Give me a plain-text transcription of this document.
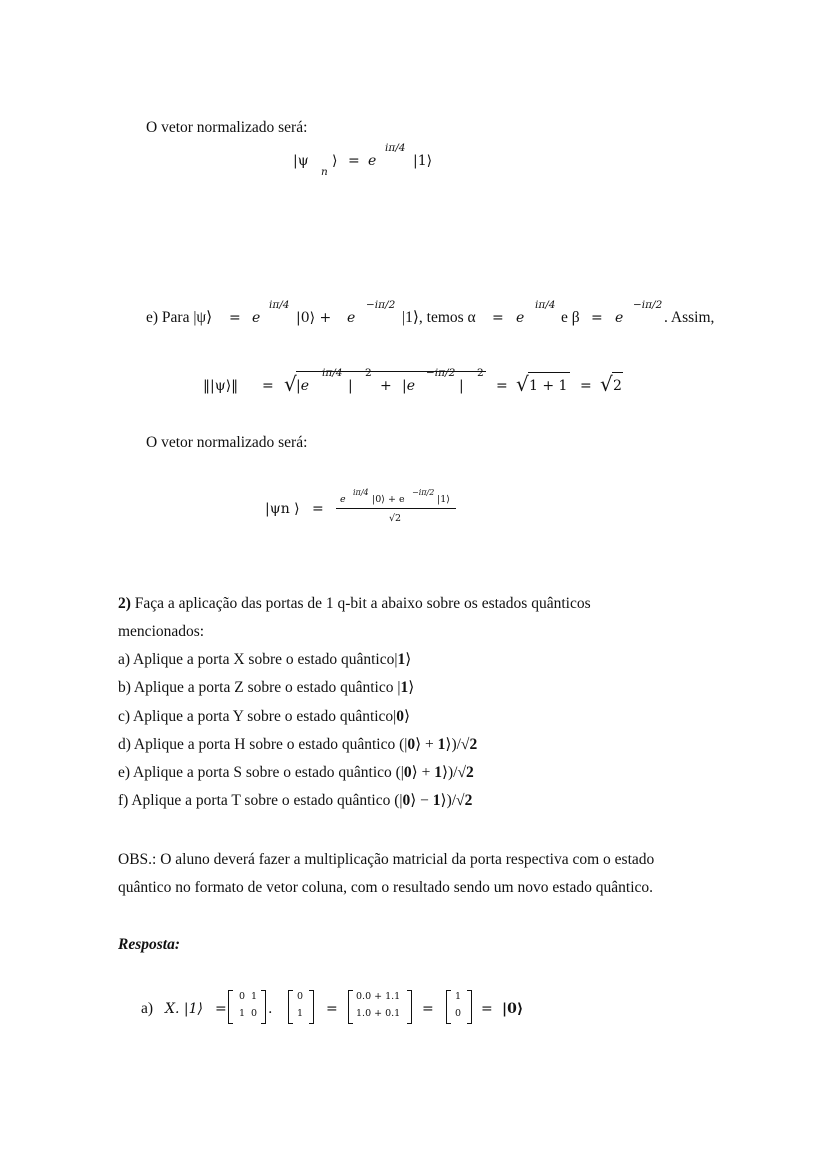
O vetor normalizado será:
|ψ
n
⟩ = e
iπ/4
|1⟩
e) Para |ψ⟩ = e
iπ/4
|0⟩ + e
−iπ/2
|1⟩, temos α = e
iπ/4
e β = e
−iπ/2
. Assim,
‖|ψ⟩‖ = √ |e
iπ/4
|
2
+ |e
−iπ/2
|
2
= √ 1 + 1 = √ 2
O vetor normalizado será:
|ψn ⟩ =
e
iπ/4
|0⟩ + e
−iπ/2
|1⟩
√2
2) Faça a aplicação das portas de 1 q-bit a abaixo sobre os estados quânticos
mencionados:
a) Aplique a porta X sobre o estado quântico|1⟩
b) Aplique a porta Z sobre o estado quântico |1⟩
c) Aplique a porta Y sobre o estado quântico|0⟩
d) Aplique a porta H sobre o estado quântico (|0⟩ + 1⟩)/√2
e) Aplique a porta S sobre o estado quântico (|0⟩ + 1⟩)/√2
f) Aplique a porta T sobre o estado quântico (|0⟩ − 1⟩)/√2
OBS.: O aluno deverá fazer a multiplicação matricial da porta respectiva com o estado
quântico no formato de vetor coluna, com o resultado sendo um novo estado quântico.
Resposta:
a) X. |1⟩ =
0 1
1 0 .
0
1 =
0.0 + 1.1
1.0 + 0.1 =
1
0 = |0⟩
